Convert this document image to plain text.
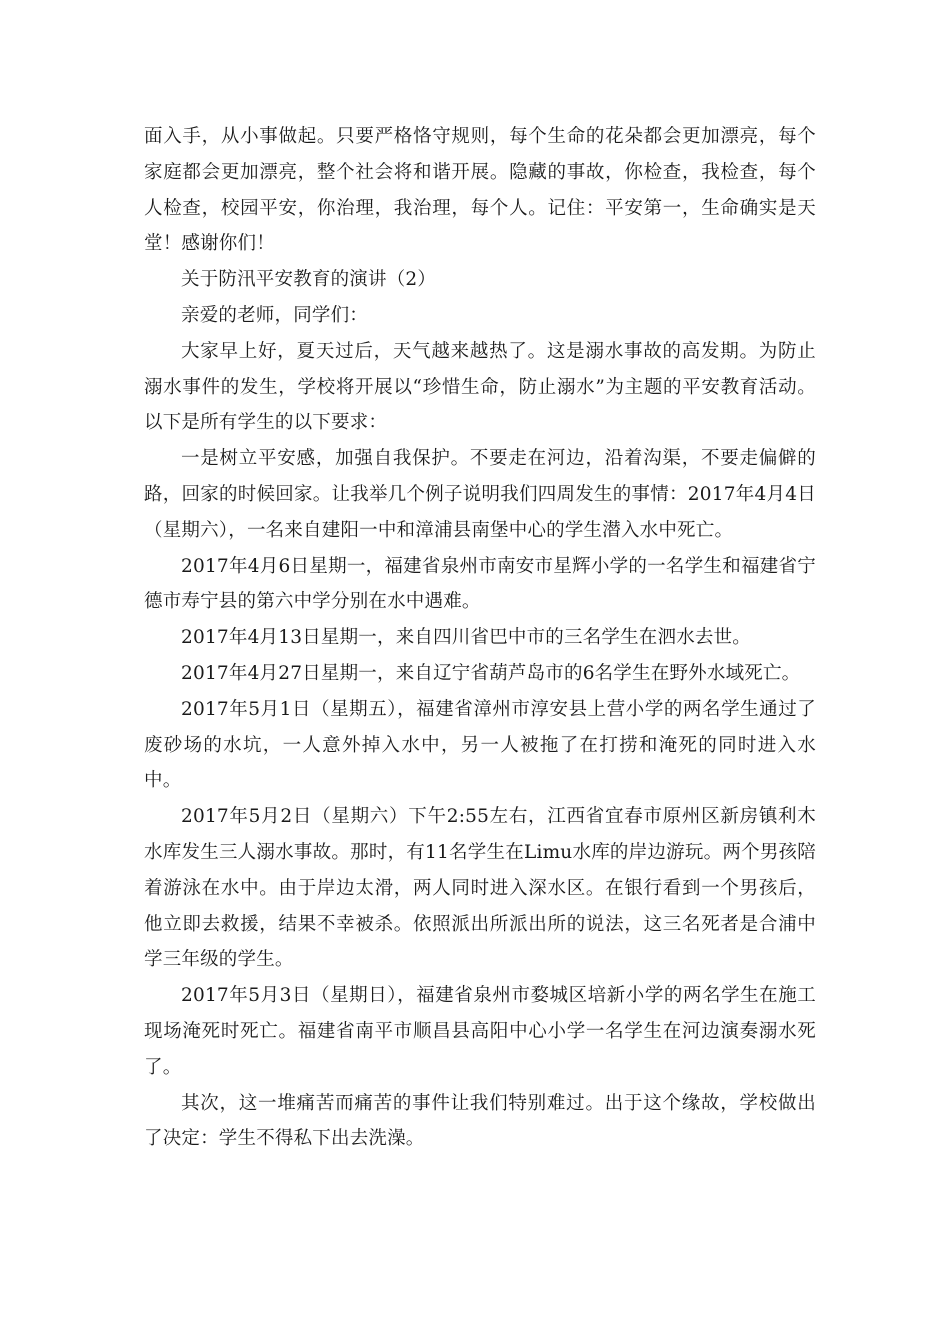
面入手，从小事做起。只要严格恪守规则，每个生命的花朵都会更加漂亮，每个家庭都会更加漂亮，整个社会将和谐开展。隐藏的事故，你检查，我检查，每个人检查，校园平安，你治理，我治理，每个人。记住：平安第一，生命确实是天堂！感谢你们！

关于防汛平安教育的演讲（2）

亲爱的老师，同学们：

大家早上好，夏天过后，天气越来越热了。这是溺水事故的高发期。为防止溺水事件的发生，学校将开展以“珍惜生命，防止溺水”为主题的平安教育活动。以下是所有学生的以下要求：

一是树立平安感，加强自我保护。不要走在河边，沿着沟渠，不要走偏僻的路，回家的时候回家。让我举几个例子说明我们四周发生的事情：2017年4月4日（星期六），一名来自建阳一中和漳浦县南堡中心的学生潜入水中死亡。

2017年4月6日星期一，福建省泉州市南安市星辉小学的一名学生和福建省宁德市寿宁县的第六中学分别在水中遇难。

2017年4月13日星期一，来自四川省巴中市的三名学生在泗水去世。

2017年4月27日星期一，来自辽宁省葫芦岛市的6名学生在野外水域死亡。

2017年5月1日（星期五），福建省漳州市淳安县上营小学的两名学生通过了废砂场的水坑，一人意外掉入水中，另一人被拖了在打捞和淹死的同时进入水中。

2017年5月2日（星期六）下午2:55左右，江西省宜春市原州区新房镇利木水库发生三人溺水事故。那时，有11名学生在Limu水库的岸边游玩。两个男孩陪着游泳在水中。由于岸边太滑，两人同时进入深水区。在银行看到一个男孩后，他立即去救援，结果不幸被杀。依照派出所派出所的说法，这三名死者是合浦中学三年级的学生。

2017年5月3日（星期日），福建省泉州市婺城区培新小学的两名学生在施工现场淹死时死亡。福建省南平市顺昌县高阳中心小学一名学生在河边演奏溺水死了。

其次，这一堆痛苦而痛苦的事件让我们特别难过。出于这个缘故，学校做出了决定：学生不得私下出去洗澡。
